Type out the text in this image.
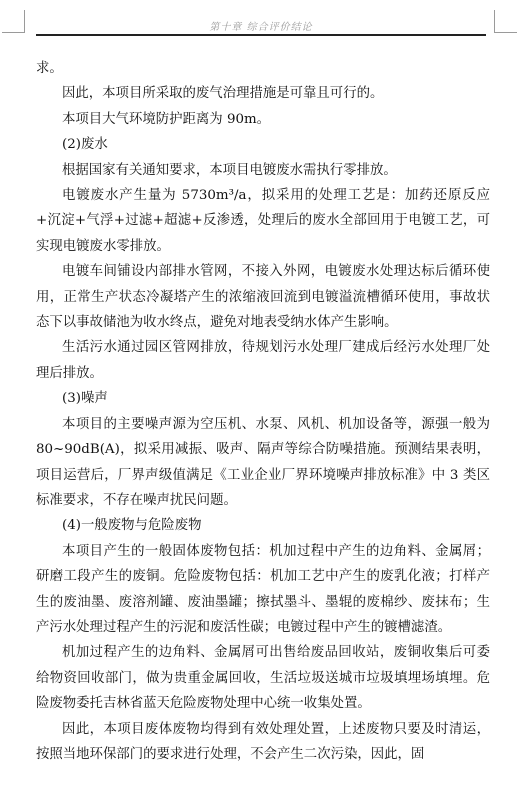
第十章 综合评价结论

求。

因此，本项目所采取的废气治理措施是可靠且可行的。

本项目大气环境防护距离为 90m。

(2)废水

根据国家有关通知要求，本项目电镀废水需执行零排放。

电镀废水产生量为 5730m³/a，拟采用的处理工艺是：加药还原反应+沉淀+气浮+过滤+超滤+反渗透，处理后的废水全部回用于电镀工艺，可实现电镀废水零排放。

电镀车间铺设内部排水管网，不接入外网，电镀废水处理达标后循环使用，正常生产状态冷凝塔产生的浓缩液回流到电镀溢流槽循环使用，事故状态下以事故储池为收水终点，避免对地表受纳水体产生影响。

生活污水通过园区管网排放，待规划污水处理厂建成后经污水处理厂处理后排放。

(3)噪声

本项目的主要噪声源为空压机、水泵、风机、机加设备等，源强一般为 80~90dB(A)，拟采用减振、吸声、隔声等综合防噪措施。预测结果表明，项目运营后，厂界声级值满足《工业企业厂界环境噪声排放标准》中 3 类区标准要求，不存在噪声扰民问题。

(4)一般废物与危险废物

本项目产生的一般固体废物包括：机加过程中产生的边角料、金属屑；研磨工段产生的废铜。危险废物包括：机加工艺中产生的废乳化液；打样产生的废油墨、废溶剂罐、废油墨罐；擦拭墨斗、墨辊的废棉纱、废抹布；生产污水处理过程产生的污泥和废活性碳；电镀过程中产生的镀槽滤渣。

机加过程产生的边角料、金属屑可出售给废品回收站，废铜收集后可委给物资回收部门，做为贵重金属回收，生活垃圾送城市垃圾填埋场填埋。危险废物委托吉林省蓝天危险废物处理中心统一收集处置。

因此，本项目废体废物均得到有效处理处置，上述废物只要及时清运，按照当地环保部门的要求进行处理，不会产生二次污染，因此，固
